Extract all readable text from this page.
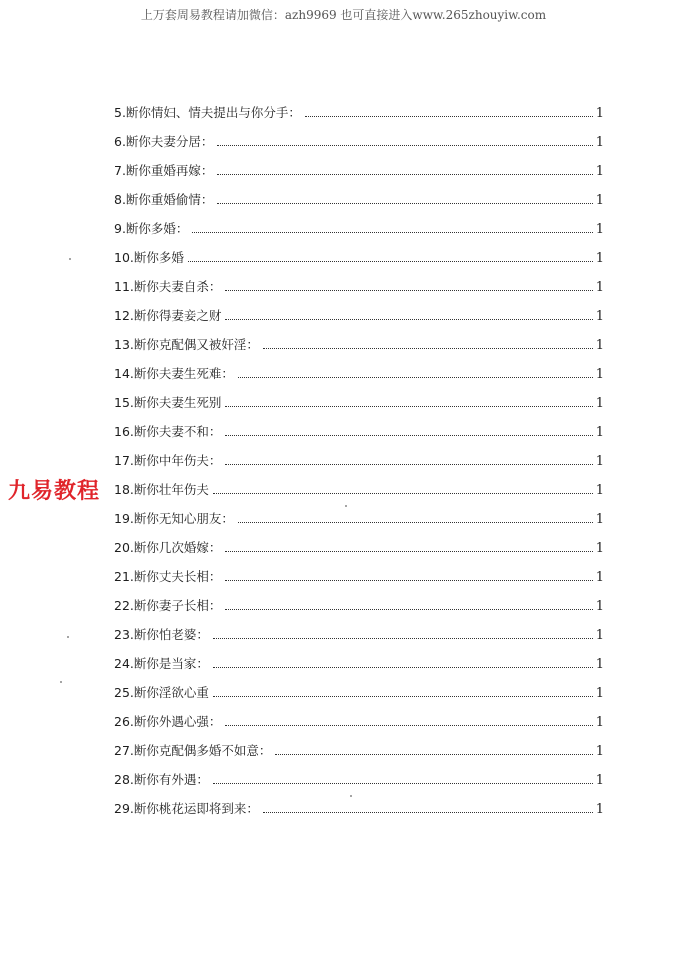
上万套周易教程请加微信：azh9969 也可直接进入www.265zhouyiw.com
5.断你情妇、情夫提出与你分手：	1
6.断你夫妻分居：	1
7.断你重婚再嫁：	1
8.断你重婚偷情：	1
9.断你多婚：	1
10.断你多婚	1
11.断你夫妻自杀：	1
12.断你得妻妾之财	1
13.断你克配偶又被奸淫：	1
14.断你夫妻生死难：	1
15.断你夫妻生死别	1
16.断你夫妻不和：	1
17.断你中年伤夫：	1
18.断你壮年伤夫	1
19.断你无知心朋友：	1
20.断你几次婚嫁：	1
21.断你丈夫长相：	1
22.断你妻子长相：	1
23.断你怕老婆：	1
24.断你是当家：	1
25.断你淫欲心重	1
26.断你外遇心强：	1
27.断你克配偶多婚不如意：	1
28.断你有外遇：	1
29.断你桃花运即将到来：	1
九易教程
